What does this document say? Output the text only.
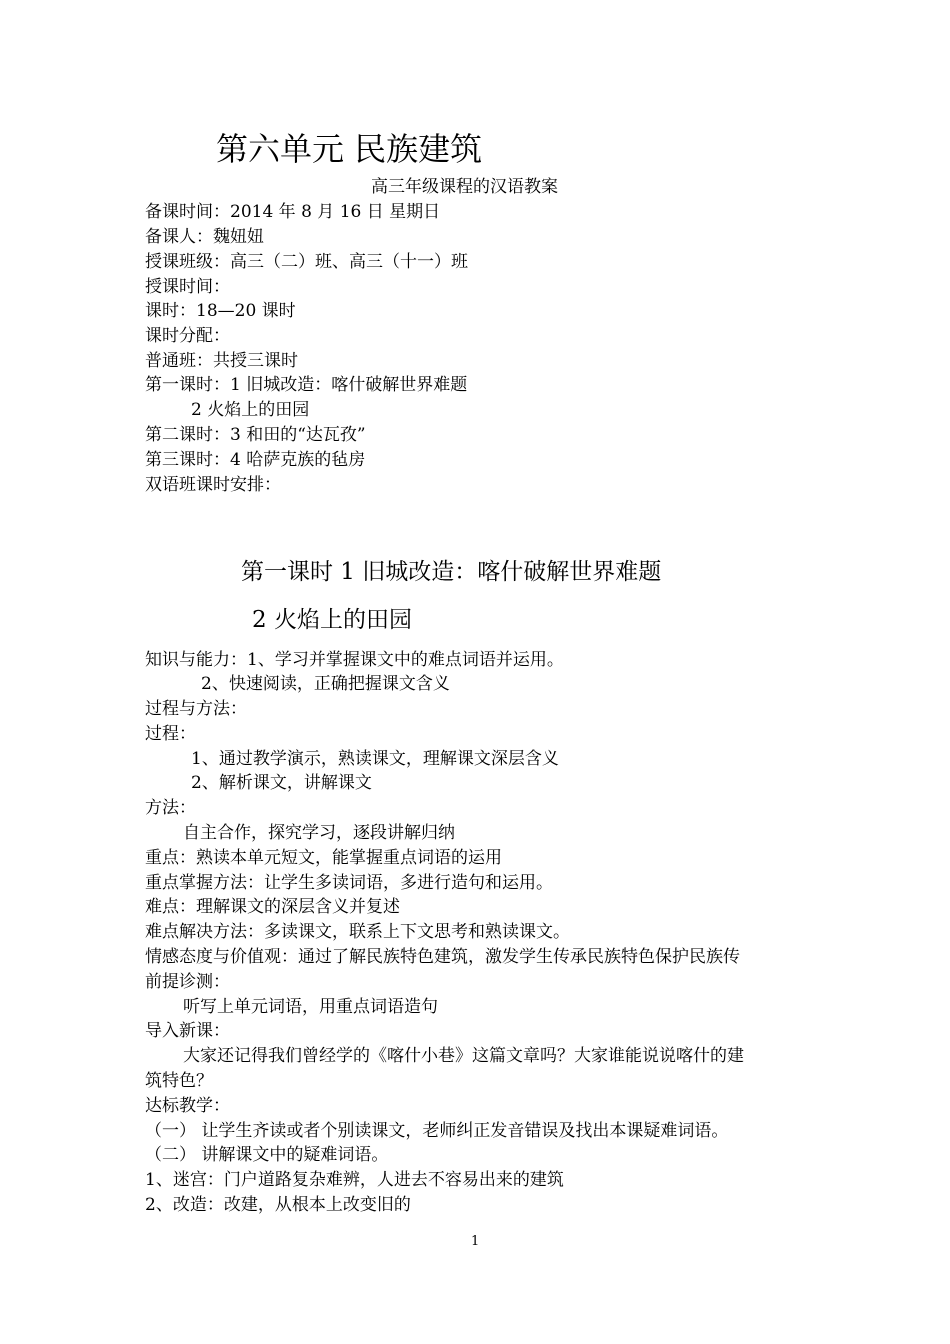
第六单元 民族建筑
高三年级课程的汉语教案
备课时间：2014 年 8 月 16 日 星期日
备课人：魏妞妞
授课班级：高三（二）班、高三（十一）班
授课时间：
课时：18—20 课时
课时分配：
普通班：共授三课时
第一课时：1 旧城改造：喀什破解世界难题
2 火焰上的田园
第二课时：3 和田的“达瓦孜”
第三课时：4 哈萨克族的毡房
双语班课时安排：
第一课时 1 旧城改造：喀什破解世界难题
2 火焰上的田园
知识与能力：1、学习并掌握课文中的难点词语并运用。
2、快速阅读，正确把握课文含义
过程与方法：
过程：
1、通过教学演示，熟读课文，理解课文深层含义
2、解析课文，讲解课文
方法：
自主合作，探究学习，逐段讲解归纳
重点：熟读本单元短文，能掌握重点词语的运用
重点掌握方法：让学生多读词语，多进行造句和运用。
难点：理解课文的深层含义并复述
难点解决方法：多读课文，联系上下文思考和熟读课文。
情感态度与价值观：通过了解民族特色建筑，激发学生传承民族特色保护民族传
前提诊测：
听写上单元词语，用重点词语造句
导入新课：
大家还记得我们曾经学的《喀什小巷》这篇文章吗？大家谁能说说喀什的建
筑特色？
达标教学：
（一） 让学生齐读或者个别读课文，老师纠正发音错误及找出本课疑难词语。
（二） 讲解课文中的疑难词语。
1、迷宫：门户道路复杂难辨，人进去不容易出来的建筑
2、改造：改建，从根本上改变旧的
1
